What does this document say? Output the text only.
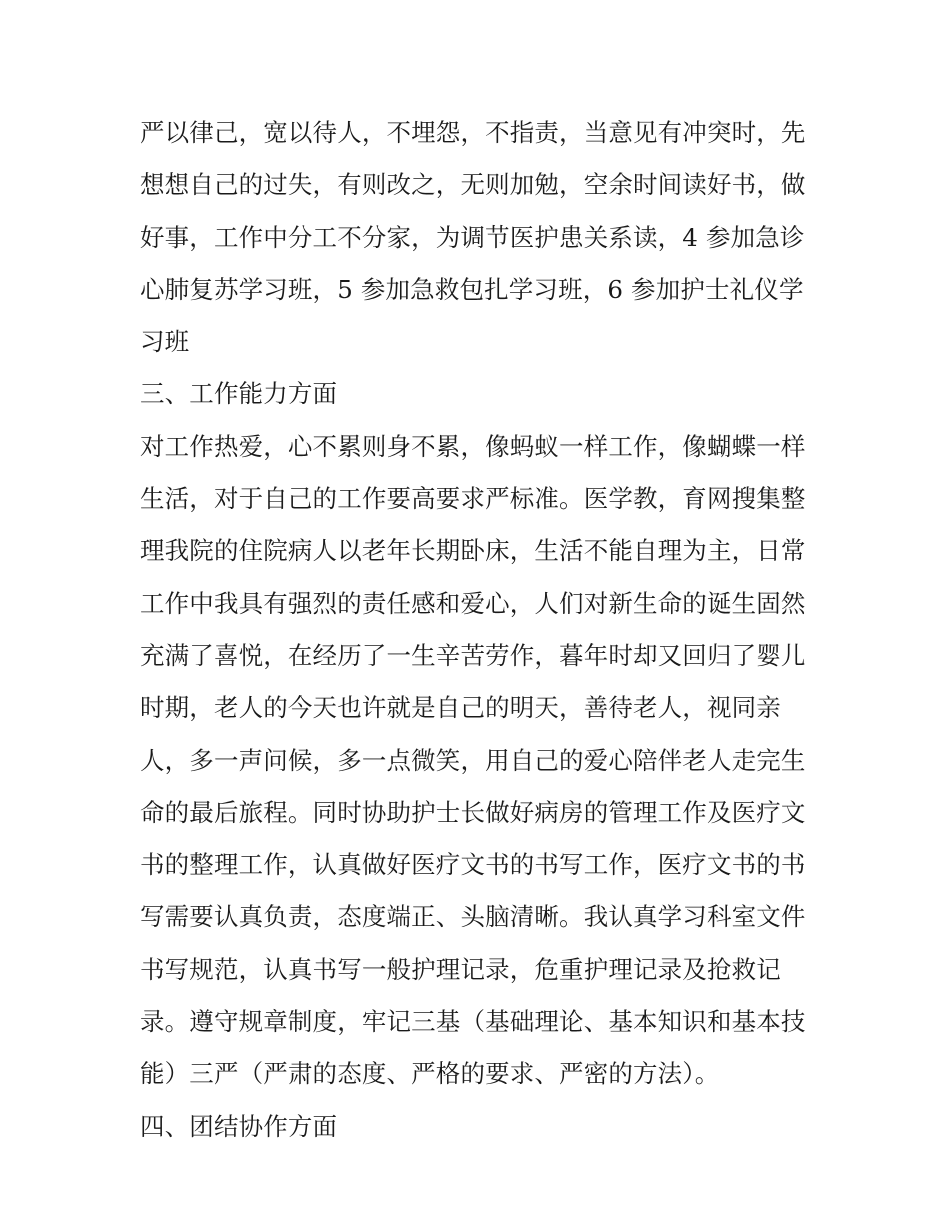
严以律己，宽以待人，不埋怨，不指责，当意见有冲突时，先
想想自己的过失，有则改之，无则加勉，空余时间读好书，做
好事，工作中分工不分家，为调节医护患关系读，4 参加急诊
心肺复苏学习班，5 参加急救包扎学习班，6 参加护士礼仪学
习班
三、工作能力方面
对工作热爱，心不累则身不累，像蚂蚁一样工作，像蝴蝶一样
生活，对于自己的工作要高要求严标准。医学教，育网搜集整
理我院的住院病人以老年长期卧床，生活不能自理为主，日常
工作中我具有强烈的责任感和爱心，人们对新生命的诞生固然
充满了喜悦，在经历了一生辛苦劳作，暮年时却又回归了婴儿
时期，老人的今天也许就是自己的明天，善待老人，视同亲
人，多一声问候，多一点微笑，用自己的爱心陪伴老人走完生
命的最后旅程。同时协助护士长做好病房的管理工作及医疗文
书的整理工作，认真做好医疗文书的书写工作，医疗文书的书
写需要认真负责，态度端正、头脑清晰。我认真学习科室文件
书写规范，认真书写一般护理记录，危重护理记录及抢救记
录。遵守规章制度，牢记三基（基础理论、基本知识和基本技
能）三严（严肃的态度、严格的要求、严密的方法）。
四、团结协作方面
